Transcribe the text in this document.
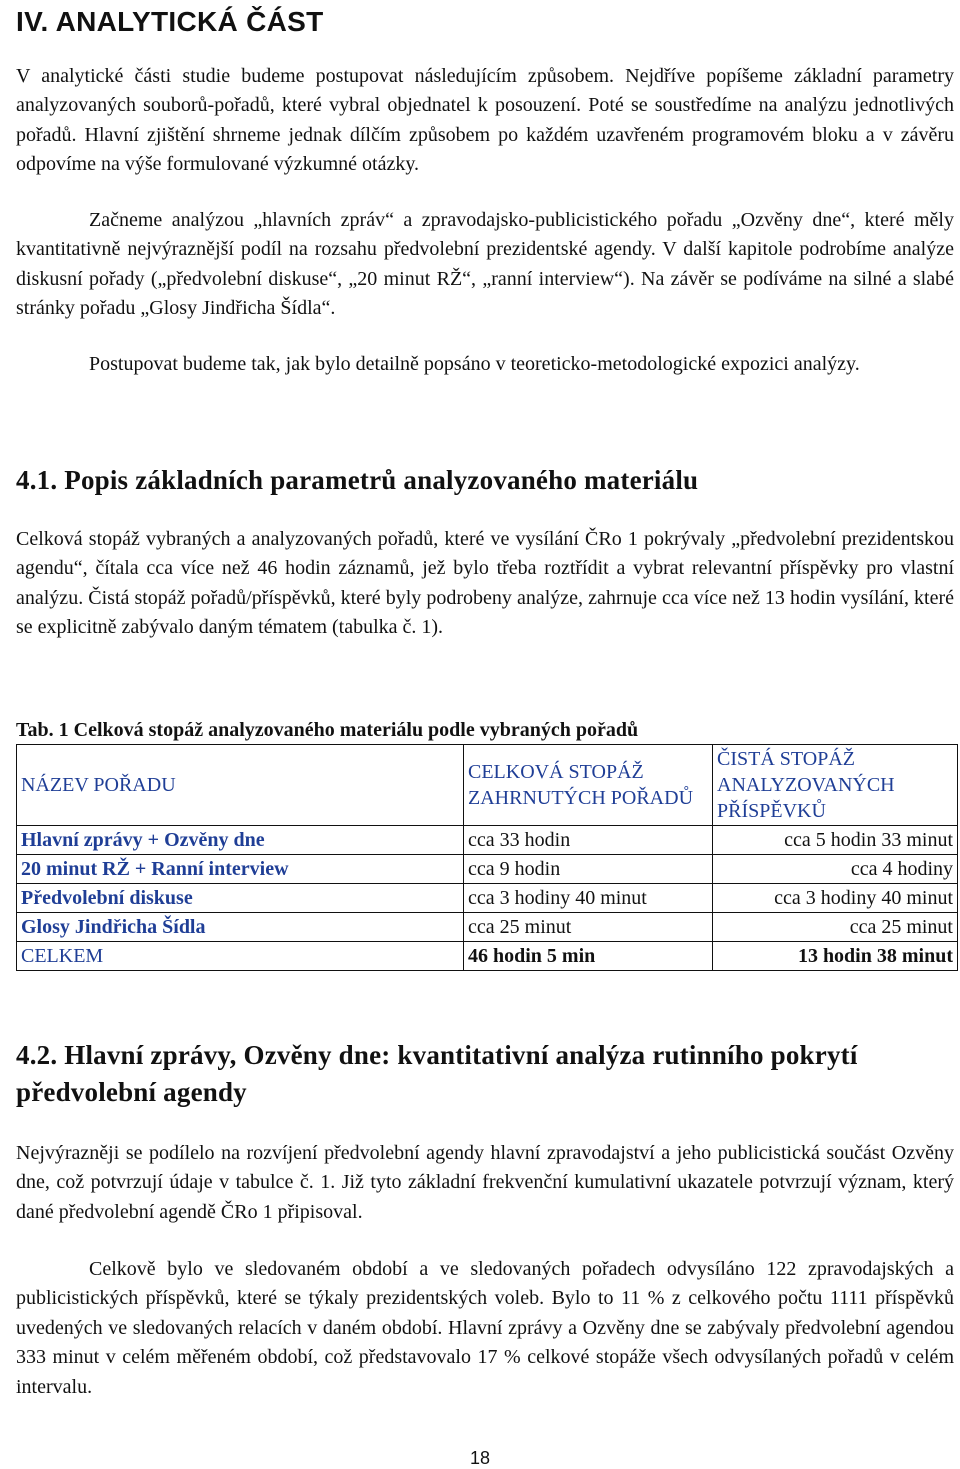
IV. ANALYTICKÁ ČÁST

V analytické části studie budeme postupovat následujícím způsobem. Nejdříve popíšeme základní parametry analyzovaných souborů-pořadů, které vybral objednatel k posouzení. Poté se soustředíme na analýzu jednotlivých pořadů. Hlavní zjištění shrneme jednak dílčím způsobem po každém uzavřeném programovém bloku a v závěru odpovíme na výše formulované výzkumné otázky.

Začneme analýzou „hlavních zpráv“ a zpravodajsko-publicistického pořadu „Ozvěny dne“, které měly kvantitativně nejvýraznější podíl na rozsahu předvolební prezidentské agendy. V další kapitole podrobíme analýze diskusní pořady („předvolební diskuse“, „20 minut RŽ“, „ranní interview“). Na závěr se podíváme na silné a slabé stránky pořadu „Glosy Jindřicha Šídla“.

Postupovat budeme tak, jak bylo detailně popsáno v teoreticko-metodologické expozici analýzy.

4.1. Popis základních parametrů analyzovaného materiálu

Celková stopáž vybraných a analyzovaných pořadů, které ve vysílání ČRo 1 pokrývaly „předvolební prezidentskou agendu“, čítala cca více než 46 hodin záznamů, jež bylo třeba roztřídit a vybrat relevantní příspěvky pro vlastní analýzu. Čistá stopáž pořadů/příspěvků, které byly podrobeny analýze, zahrnuje cca více než 13 hodin vysílání, které se explicitně zabývalo daným tématem (tabulka č. 1).

Tab. 1 Celková stopáž analyzovaného materiálu podle vybraných pořadů

NÁZEV POŘADU	CELKOVÁ STOPÁŽ ZAHRNUTÝCH POŘADŮ	ČISTÁ STOPÁŽ ANALYZOVANÝCH PŘÍSPĚVKŮ
Hlavní zprávy + Ozvěny dne	cca 33 hodin	cca 5 hodin 33 minut
20 minut RŽ + Ranní interview	cca 9 hodin	cca 4 hodiny
Předvolební diskuse	cca 3 hodiny 40 minut	cca 3 hodiny 40 minut
Glosy Jindřicha Šídla	cca 25 minut	cca 25 minut
CELKEM	46 hodin 5 min	13 hodin 38 minut
4.2. Hlavní zprávy, Ozvěny dne: kvantitativní analýza rutinního pokrytí předvolební agendy

Nejvýrazněji se podílelo na rozvíjení předvolební agendy hlavní zpravodajství a jeho publicistická součást Ozvěny dne, což potvrzují údaje v tabulce č. 1. Již tyto základní frekvenční kumulativní ukazatele potvrzují význam, který dané předvolební agendě ČRo 1 připisoval.

Celkově bylo ve sledovaném období a ve sledovaných pořadech odvysíláno 122 zpravodajských a publicistických příspěvků, které se týkaly prezidentských voleb. Bylo to 11 % z celkového počtu 1111 příspěvků uvedených ve sledovaných relacích v daném období. Hlavní zprávy a Ozvěny dne se zabývaly předvolební agendou 333 minut v celém měřeném období, což představovalo 17 % celkové stopáže všech odvysílaných pořadů v celém intervalu.

18
